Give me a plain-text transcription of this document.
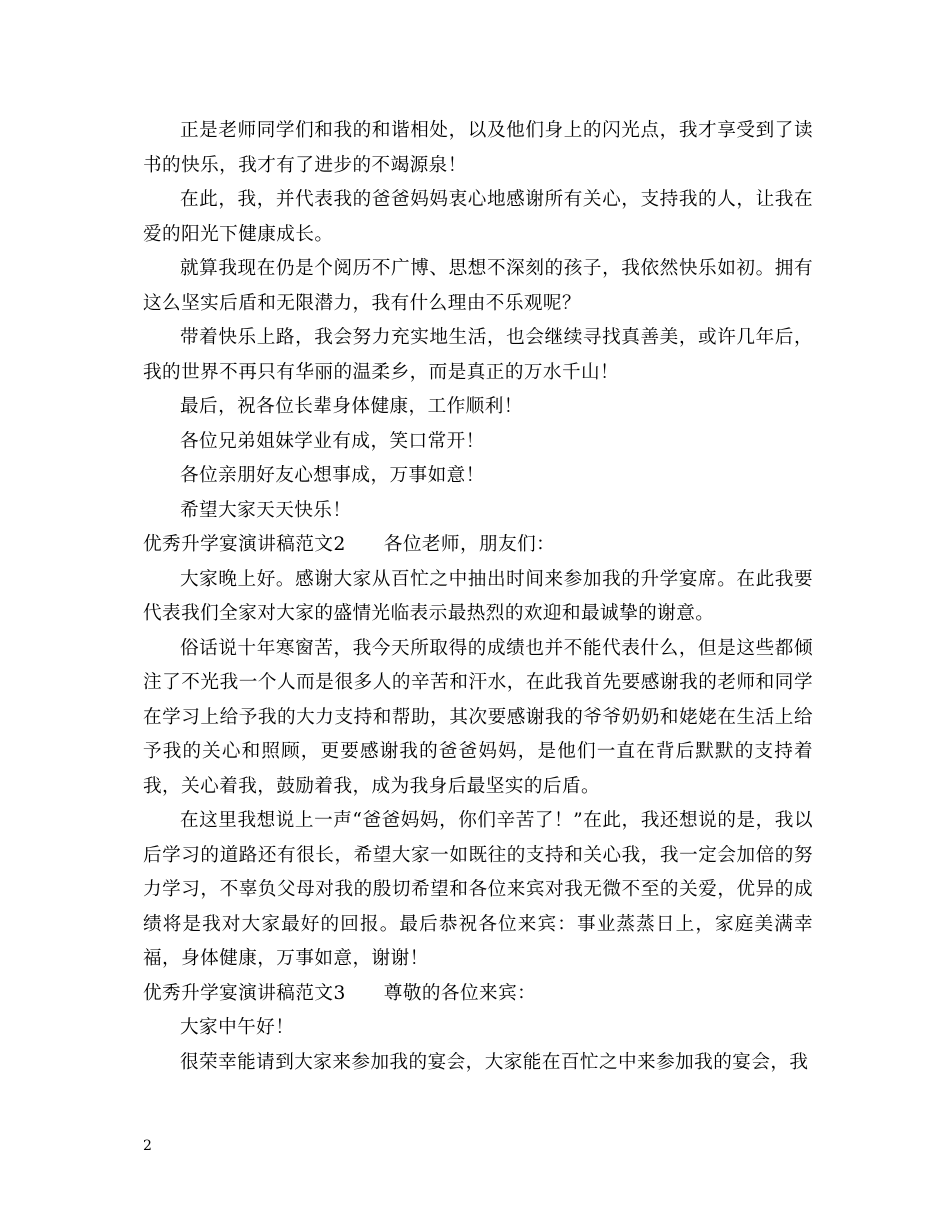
正是老师同学们和我的和谐相处，以及他们身上的闪光点，我才享受到了读书的快乐，我才有了进步的不竭源泉！

在此，我，并代表我的爸爸妈妈衷心地感谢所有关心，支持我的人，让我在爱的阳光下健康成长。

就算我现在仍是个阅历不广博、思想不深刻的孩子，我依然快乐如初。拥有这么坚实后盾和无限潜力，我有什么理由不乐观呢？

带着快乐上路，我会努力充实地生活，也会继续寻找真善美，或许几年后，我的世界不再只有华丽的温柔乡，而是真正的万水千山！

最后，祝各位长辈身体健康，工作顺利！

各位兄弟姐妹学业有成，笑口常开！

各位亲朋好友心想事成，万事如意！

希望大家天天快乐！

优秀升学宴演讲稿范文2　　各位老师，朋友们：

大家晚上好。感谢大家从百忙之中抽出时间来参加我的升学宴席。在此我要代表我们全家对大家的盛情光临表示最热烈的欢迎和最诚挚的谢意。

俗话说十年寒窗苦，我今天所取得的成绩也并不能代表什么，但是这些都倾注了不光我一个人而是很多人的辛苦和汗水，在此我首先要感谢我的老师和同学在学习上给予我的大力支持和帮助，其次要感谢我的爷爷奶奶和姥姥在生活上给予我的关心和照顾，更要感谢我的爸爸妈妈，是他们一直在背后默默的支持着我，关心着我，鼓励着我，成为我身后最坚实的后盾。

在这里我想说上一声“爸爸妈妈，你们辛苦了！”在此，我还想说的是，我以后学习的道路还有很长，希望大家一如既往的支持和关心我，我一定会加倍的努力学习，不辜负父母对我的殷切希望和各位来宾对我无微不至的关爱，优异的成绩将是我对大家最好的回报。最后恭祝各位来宾：事业蒸蒸日上，家庭美满幸福，身体健康，万事如意，谢谢！

优秀升学宴演讲稿范文3　　尊敬的各位来宾：

大家中午好！

很荣幸能请到大家来参加我的宴会，大家能在百忙之中来参加我的宴会，我

2
